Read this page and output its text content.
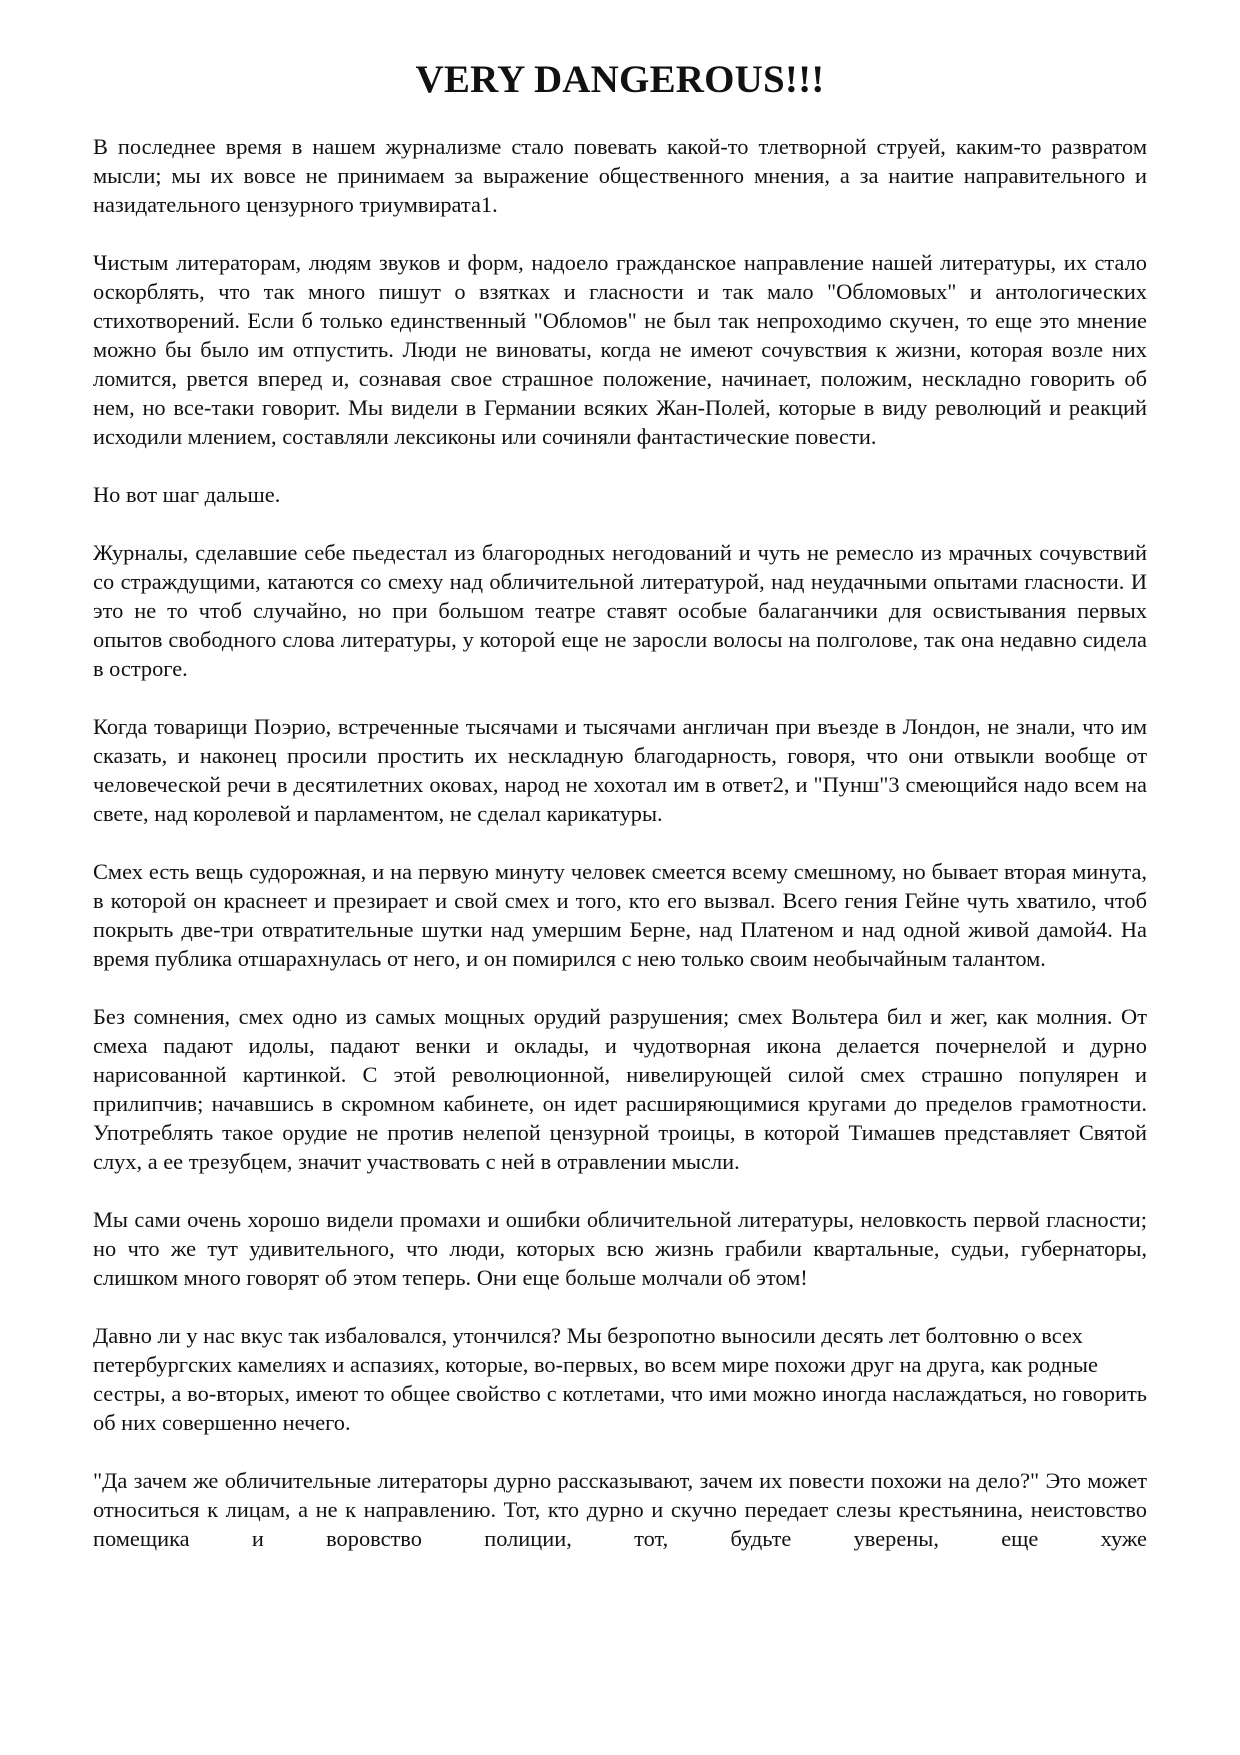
VERY DANGEROUS!!!

В последнее время в нашем журнализме стало повевать какой-то тлетворной струей, каким-то развратом мысли; мы их вовсе не принимаем за выражение общественного мнения, а за наитие направительного и назидательного цензурного триумвирата1.

Чистым литераторам, людям звуков и форм, надоело гражданское направление нашей литературы, их стало оскорблять, что так много пишут о взятках и гласности и так мало "Обломовых" и антологических стихотворений. Если б только единственный "Обломов" не был так непроходимо скучен, то еще это мнение можно бы было им отпустить. Люди не виноваты, когда не имеют сочувствия к жизни, которая возле них ломится, рвется вперед и, сознавая свое страшное положение, начинает, положим, нескладно говорить об нем, но все-таки говорит. Мы видели в Германии всяких Жан-Полей, которые в виду революций и реакций исходили млением, составляли лексиконы или сочиняли фантастические повести.

Но вот шаг дальше.

Журналы, сделавшие себе пьедестал из благородных негодований и чуть не ремесло из мрачных сочувствий со страждущими, катаются со смеху над обличительной литературой, над неудачными опытами гласности. И это не то чтоб случайно, но при большом театре ставят особые балаганчики для освистывания первых опытов свободного слова литературы, у которой еще не заросли волосы на полголове, так она недавно сидела в остроге.

Когда товарищи Поэрио, встреченные тысячами и тысячами англичан при въезде в Лондон, не знали, что им сказать, и наконец просили простить их нескладную благодарность, говоря, что они отвыкли вообще от человеческой речи в десятилетних оковах, народ не хохотал им в ответ2, и "Пунш"3 смеющийся надо всем на свете, над королевой и парламентом, не сделал карикатуры.

Смех есть вещь судорожная, и на первую минуту человек смеется всему смешному, но бывает вторая минута, в которой он краснеет и презирает и свой смех и того, кто его вызвал. Всего гения Гейне чуть хватило, чтоб покрыть две-три отвратительные шутки над умершим Берне, над Платеном и над одной живой дамой4. На время публика отшарахнулась от него, и он помирился с нею только своим необычайным талантом.

Без сомнения, смех одно из самых мощных орудий разрушения; смех Вольтера бил и жег, как молния. От смеха падают идолы, падают венки и оклады, и чудотворная икона делается почернелой и дурно нарисованной картинкой. С этой революционной, нивелирующей силой смех страшно популярен и прилипчив; начавшись в скромном кабинете, он идет расширяющимися кругами до пределов грамотности. Употреблять такое орудие не против нелепой цензурной троицы, в которой Тимашев представляет Святой слух, а ее трезубцем, значит участвовать с ней в отравлении мысли.

Мы сами очень хорошо видели промахи и ошибки обличительной литературы, неловкость первой гласности; но что же тут удивительного, что люди, которых всю жизнь грабили квартальные, судьи, губернаторы, слишком много говорят об этом теперь. Они еще больше молчали об этом!

Давно ли у нас вкус так избаловался, утончился? Мы безропотно выносили десять лет болтовню о всех петербургских камелиях и аспазиях, которые, во-первых, во всем мире похожи друг на друга, как родные

сестры, а во-вторых, имеют то общее свойство с котлетами, что ими можно иногда наслаждаться, но говорить об них совершенно нечего.

"Да зачем же обличительные литераторы дурно рассказывают, зачем их повести похожи на дело?" Это может относиться к лицам, а не к направлению. Тот, кто дурно и скучно передает слезы крестьянина, неистовство помещика и воровство полиции, тот, будьте уверены, еще хуже
